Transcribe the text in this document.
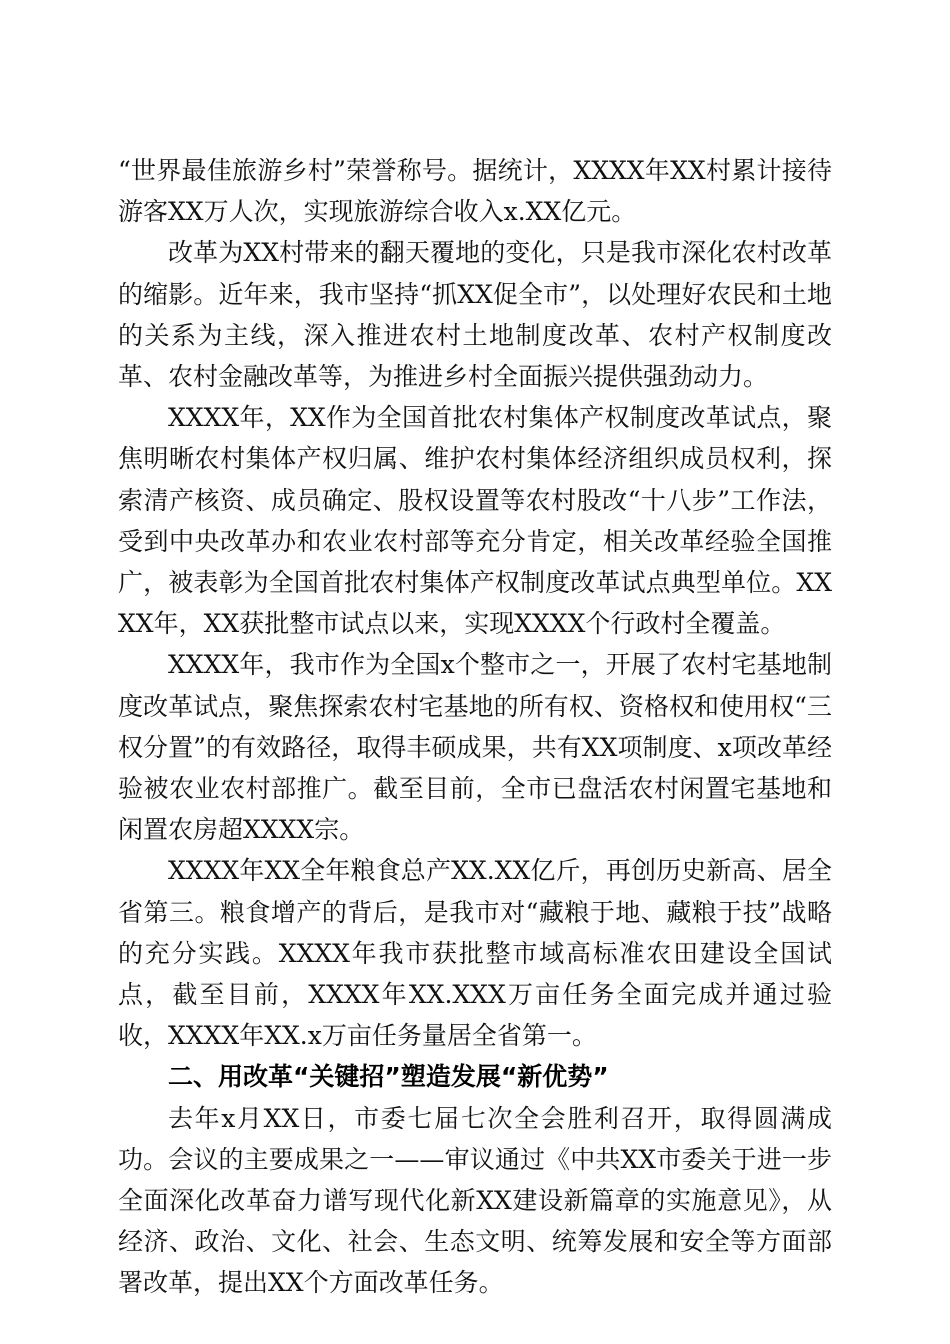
“世界最佳旅游乡村”荣誉称号。据统计，XXXX年XX村累计接待游客XX万人次，实现旅游综合收入x.XX亿元。

改革为XX村带来的翻天覆地的变化，只是我市深化农村改革的缩影。近年来，我市坚持“抓XX促全市”，以处理好农民和土地的关系为主线，深入推进农村土地制度改革、农村产权制度改革、农村金融改革等，为推进乡村全面振兴提供强劲动力。

XXXX年，XX作为全国首批农村集体产权制度改革试点，聚焦明晰农村集体产权归属、维护农村集体经济组织成员权利，探索清产核资、成员确定、股权设置等农村股改“十八步”工作法，受到中央改革办和农业农村部等充分肯定，相关改革经验全国推广，被表彰为全国首批农村集体产权制度改革试点典型单位。XXXX年，XX获批整市试点以来，实现XXXX个行政村全覆盖。

XXXX年，我市作为全国x个整市之一，开展了农村宅基地制度改革试点，聚焦探索农村宅基地的所有权、资格权和使用权“三权分置”的有效路径，取得丰硕成果，共有XX项制度、x项改革经验被农业农村部推广。截至目前，全市已盘活农村闲置宅基地和闲置农房超XXXX宗。

XXXX年XX全年粮食总产XX.XX亿斤，再创历史新高、居全省第三。粮食增产的背后，是我市对“藏粮于地、藏粮于技”战略的充分实践。XXXX年我市获批整市域高标准农田建设全国试点，截至目前，XXXX年XX.XXX万亩任务全面完成并通过验收，XXXX年XX.x万亩任务量居全省第一。

二、用改革“关键招”塑造发展“新优势”

去年x月XX日，市委七届七次全会胜利召开，取得圆满成功。会议的主要成果之一——审议通过《中共XX市委关于进一步全面深化改革奋力谱写现代化新XX建设新篇章的实施意见》，从经济、政治、文化、社会、生态文明、统筹发展和安全等方面部署改革，提出XX个方面改革任务。
